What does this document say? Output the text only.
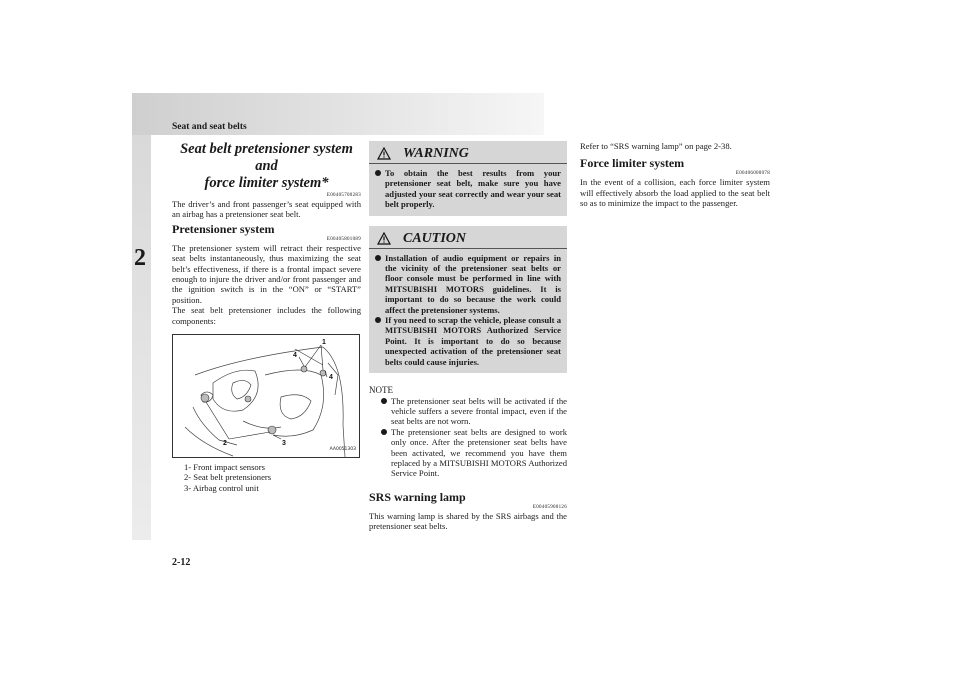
Seat and seat belts
2
2-12

Seat belt pretensioner system and
force limiter system*

E00405700283

The driver’s and front passenger’s seat equipped with an airbag has a pretensioner seat belt.

Pretensioner system
E00405801089

The pretensioner system will retract their respective seat belts instantaneously, thus maximizing the seat belt’s effectiveness, if there is a frontal impact severe enough to injure the driver and/or front passenger and the ignition switch is in the “ON” or “START” position.

The seat belt pretensioner includes the following components:

1
4
4
2	3
AA0051303
1- Front impact sensors
2- Seat belt pretensioners
3- Airbag control unit
WARNING
To obtain the best results from your pretensioner seat belt, make sure you have adjusted your seat correctly and wear your seat belt properly.
CAUTION
Installation of audio equipment or repairs in the vicinity of the pretensioner seat belts or floor console must be performed in line with MITSUBISHI MOTORS guidelines. It is important to do so because the work could affect the pretensioner systems.
If you need to scrap the vehicle, please consult a MITSUBISHI MOTORS Authorized Service Point. It is important to do so because unexpected activation of the pretensioner seat belts could cause injuries.
NOTE
The pretensioner seat belts will be activated if the vehicle suffers a severe frontal impact, even if the seat belts are not worn.
The pretensioner seat belts are designed to work only once. After the pretensioner seat belts have been activated, we recommend you have them replaced by a MITSUBISHI MOTORS Authorized Service Point.
SRS warning lamp
E00405900126

This warning lamp is shared by the SRS airbags and the pretensioner seat belts.

Refer to “SRS warning lamp” on page 2-38.

Force limiter system
E00406000078

In the event of a collision, each force limiter system will effectively absorb the load applied to the seat belt so as to minimize the impact to the passenger.
